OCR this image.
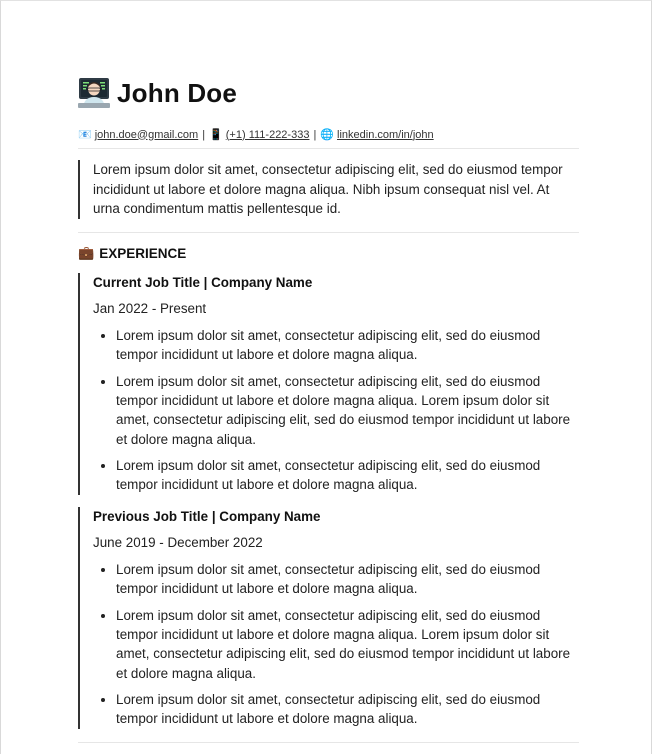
John Doe
📧 john.doe@gmail.com | 📱 (+1) 111-222-333 | 🌐 linkedin.com/in/john
Lorem ipsum dolor sit amet, consectetur adipiscing elit, sed do eiusmod tempor incididunt ut labore et dolore magna aliqua. Nibh ipsum consequat nisl vel. At urna condimentum mattis pellentesque id.
💼 EXPERIENCE
Current Job Title | Company Name
Jan 2022 - Present
• Lorem ipsum dolor sit amet, consectetur adipiscing elit, sed do eiusmod tempor incididunt ut labore et dolore magna aliqua.
• Lorem ipsum dolor sit amet, consectetur adipiscing elit, sed do eiusmod tempor incididunt ut labore et dolore magna aliqua. Lorem ipsum dolor sit amet, consectetur adipiscing elit, sed do eiusmod tempor incididunt ut labore et dolore magna aliqua.
• Lorem ipsum dolor sit amet, consectetur adipiscing elit, sed do eiusmod tempor incididunt ut labore et dolore magna aliqua.
Previous Job Title | Company Name
June 2019 - December 2022
• Lorem ipsum dolor sit amet, consectetur adipiscing elit, sed do eiusmod tempor incididunt ut labore et dolore magna aliqua.
• Lorem ipsum dolor sit amet, consectetur adipiscing elit, sed do eiusmod tempor incididunt ut labore et dolore magna aliqua. Lorem ipsum dolor sit amet, consectetur adipiscing elit, sed do eiusmod tempor incididunt ut labore et dolore magna aliqua.
• Lorem ipsum dolor sit amet, consectetur adipiscing elit, sed do eiusmod tempor incididunt ut labore et dolore magna aliqua.
